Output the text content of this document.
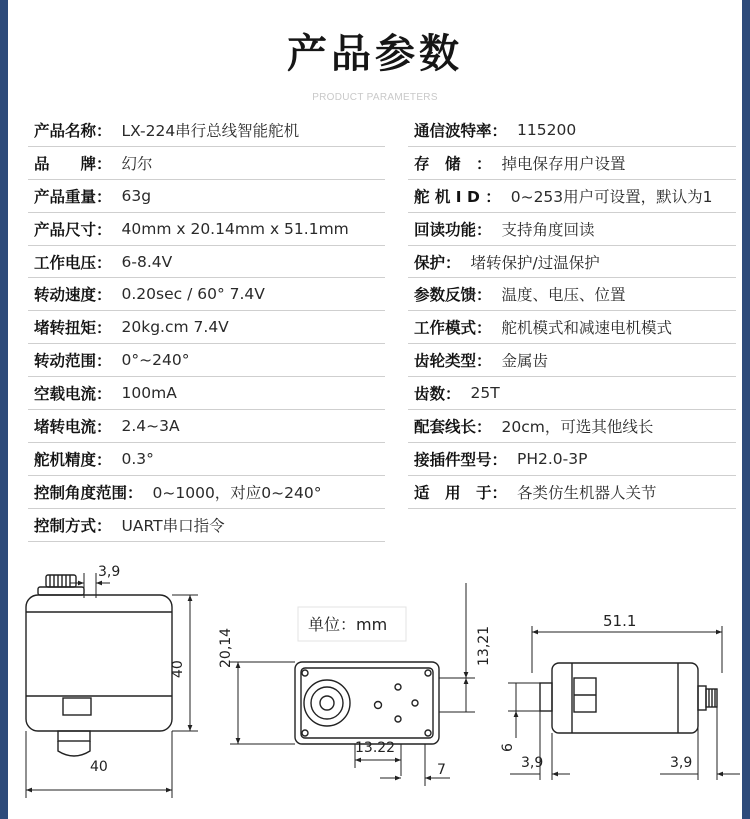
产品参数
PRODUCT PARAMETERS
产品名称： LX-224串行总线智能舵机
品　　牌： 幻尔
产品重量： 63g
产品尺寸： 40mm x 20.14mm x 51.1mm
工作电压： 6-8.4V
转动速度： 0.20sec / 60° 7.4V
堵转扭矩： 20kg.cm 7.4V
转动范围： 0°~240°
空载电流： 100mA
堵转电流： 2.4~3A
舵机精度： 0.3°
控制角度范围： 0~1000，对应0~240°
控制方式： UART串口指令
通信波特率： 115200
存　储　： 掉电保存用户设置
舵 机 I D ： 0~253用户可设置，默认为1
回读功能： 支持角度回读
保护： 堵转保护/过温保护
参数反馈： 温度、电压、位置
工作模式： 舵机模式和减速电机模式
齿轮类型： 金属齿
齿数： 25T
配套线长： 20cm，可选其他线长
接插件型号： PH2.0-3P
适　用　于： 各类仿生机器人关节
3,9
40
40
单位：mm
20,14	13,21
13.22
7
51.1
6
3,9	3,9
